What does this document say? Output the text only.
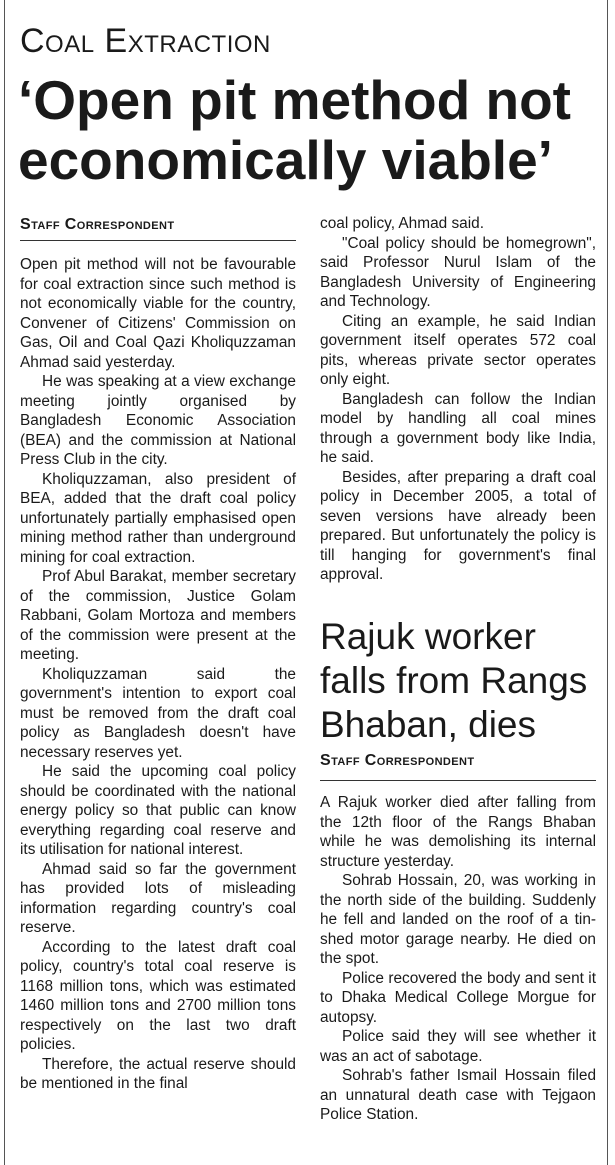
Coal Extraction
‘Open pit method not economically viable’
Staff Correspondent

Open pit method will not be favourable for coal extraction since such method is not economically viable for the country, Convener of Citizens' Commission on Gas, Oil and Coal Qazi Kholiquzzaman Ahmad said yesterday.

He was speaking at a view exchange meeting jointly organised by Bangladesh Economic Association (BEA) and the commission at National Press Club in the city.

Kholiquzzaman, also president of BEA, added that the draft coal policy unfortunately partially emphasised open mining method rather than underground mining for coal extraction.

Prof Abul Barakat, member secretary of the commission, Justice Golam Rabbani, Golam Mortoza and members of the commission were present at the meeting.

Kholiquzzaman said the government's intention to export coal must be removed from the draft coal policy as Bangladesh doesn't have necessary reserves yet.

He said the upcoming coal policy should be coordinated with the national energy policy so that public can know everything regarding coal reserve and its utilisation for national interest.

Ahmad said so far the government has provided lots of misleading information regarding country's coal reserve.

According to the latest draft coal policy, country's total coal reserve is 1168 million tons, which was estimated 1460 million tons and 2700 million tons respectively on the last two draft policies.

Therefore, the actual reserve should be mentioned in the final

coal policy, Ahmad said.

"Coal policy should be homegrown", said Professor Nurul Islam of the Bangladesh University of Engineering and Technology.

Citing an example, he said Indian government itself operates 572 coal pits, whereas private sector operates only eight.

Bangladesh can follow the Indian model by handling all coal mines through a government body like India, he said.

Besides, after preparing a draft coal policy in December 2005, a total of seven versions have already been prepared. But unfortunately the policy is till hanging for government's final approval.

Rajuk worker falls from Rangs Bhaban, dies
Staff Correspondent

A Rajuk worker died after falling from the 12th floor of the Rangs Bhaban while he was demolishing its internal structure yesterday.

Sohrab Hossain, 20, was working in the north side of the building. Suddenly he fell and landed on the roof of a tin-shed motor garage nearby. He died on the spot.

Police recovered the body and sent it to Dhaka Medical College Morgue for autopsy.

Police said they will see whether it was an act of sabotage.

Sohrab's father Ismail Hossain filed an unnatural death case with Tejgaon Police Station.
